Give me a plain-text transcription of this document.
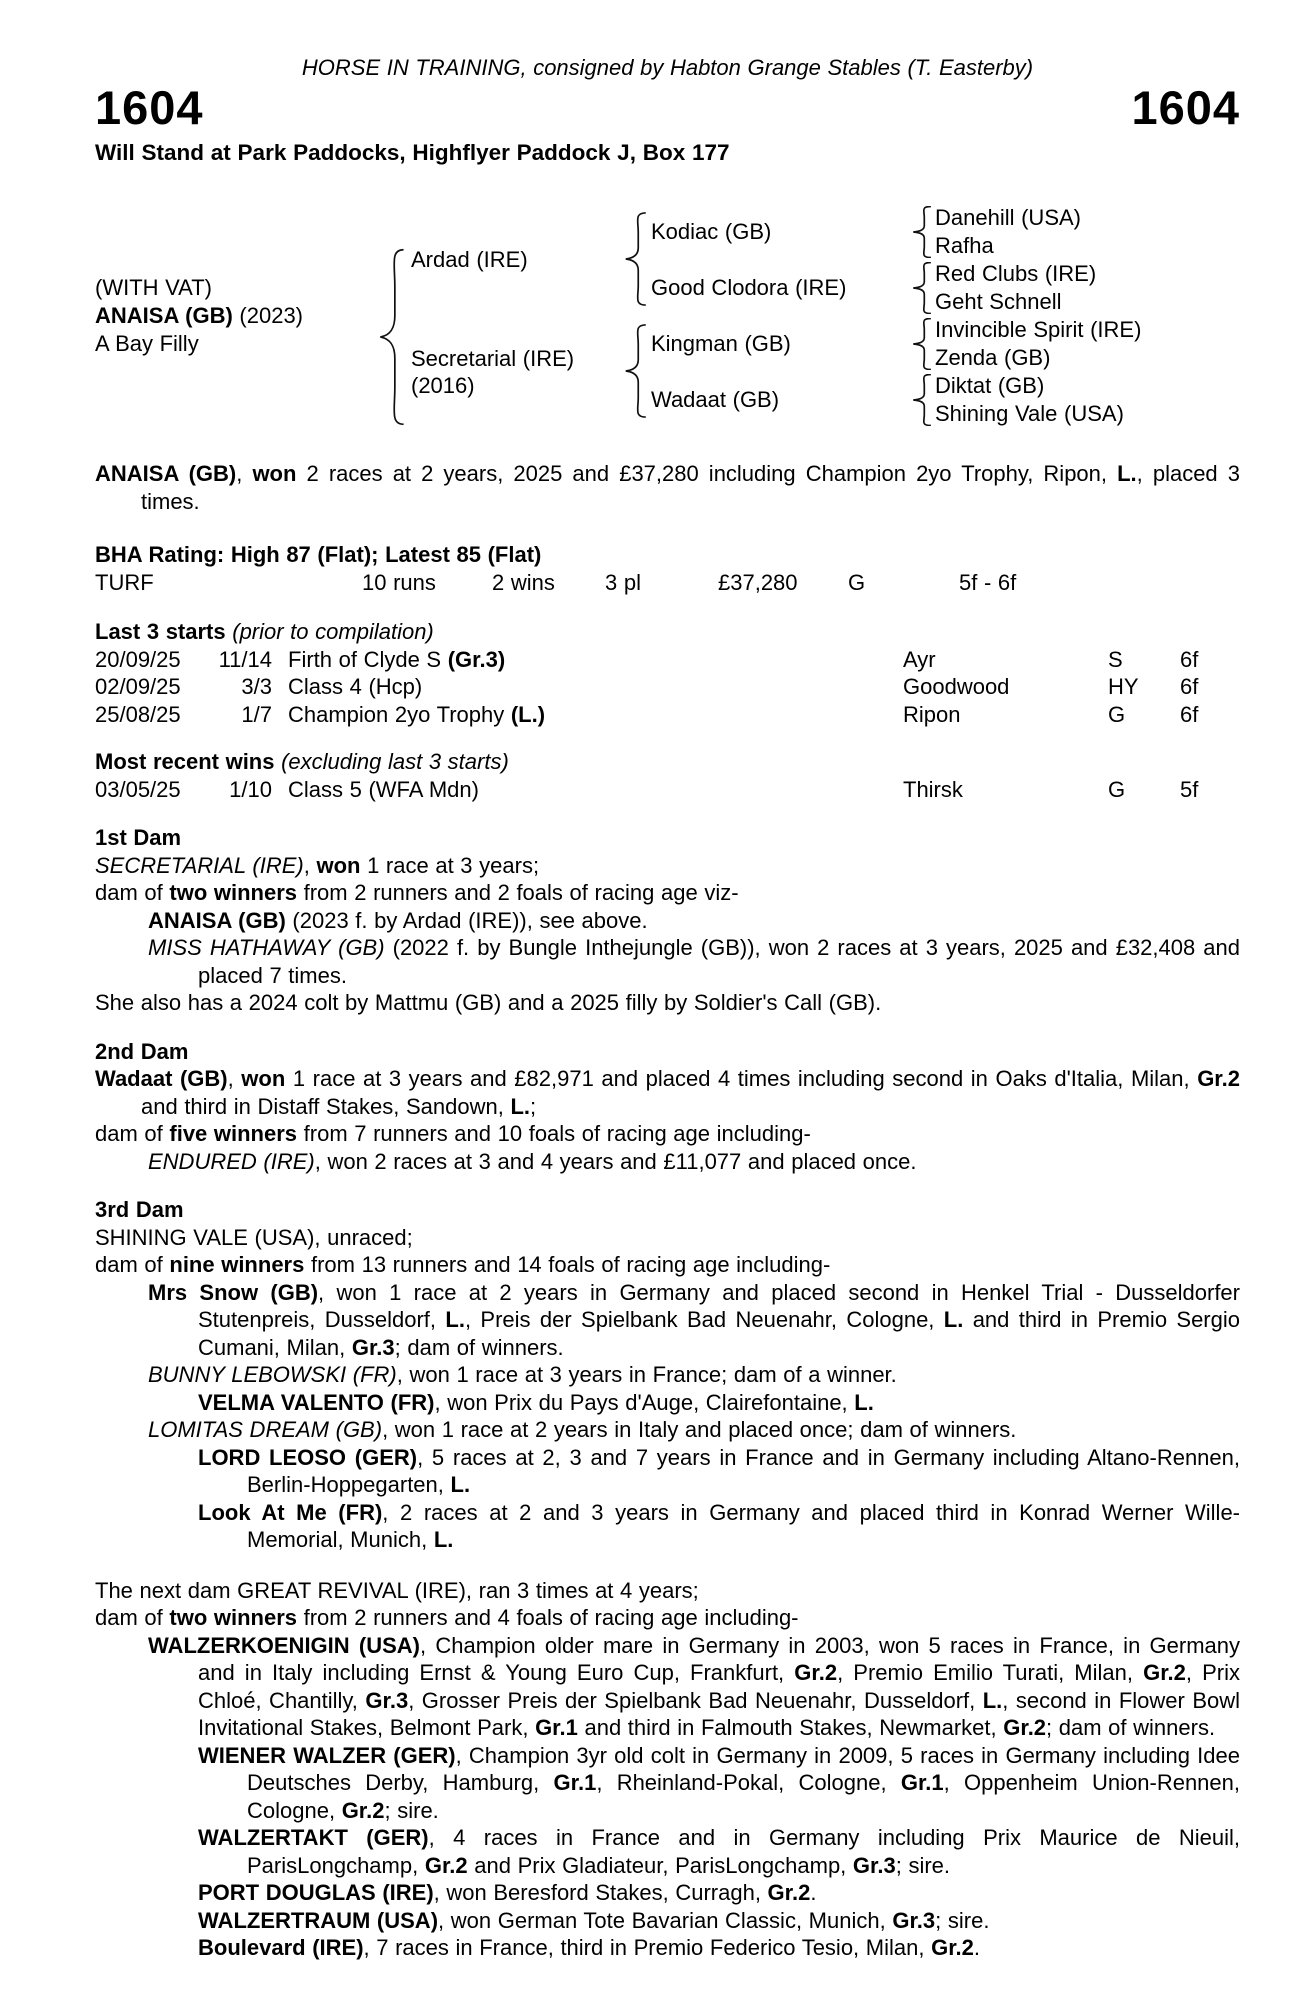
HORSE IN TRAINING, consigned by Habton Grange Stables (T. Easterby)
1604	1604
Will Stand at Park Paddocks, Highflyer Paddock J, Box 177
(WITH VAT)
ANAISA (GB) (2023)
A Bay Filly
Ardad (IRE)
Secretarial (IRE)
(2016)
Kodiac (GB)
Good Clodora (IRE)
Kingman (GB)
Wadaat (GB)
Danehill (USA)
Rafha
Red Clubs (IRE)
Geht Schnell
Invincible Spirit (IRE)
Zenda (GB)
Diktat (GB)
Shining Vale (USA)

ANAISA (GB), won 2 races at 2 years, 2025 and £37,280 including Champion 2yo Trophy, Ripon, L., placed 3 times.

BHA Rating: High 87 (Flat); Latest 85 (Flat)
TURF	10 runs	2 wins	3 pl	£37,280	G	5f - 6f
Last 3 starts (prior to compilation)
20/09/25	11/14 Firth of Clyde S (Gr.3)	Ayr	S	6f
02/09/25	3/3 Class 4 (Hcp)	Goodwood	HY	6f
25/08/25	1/7 Champion 2yo Trophy (L.)	Ripon	G	6f
Most recent wins (excluding last 3 starts)
03/05/25	1/10 Class 5 (WFA Mdn)	Thirsk	G	5f
1st Dam

SECRETARIAL (IRE), won 1 race at 3 years;

dam of two winners from 2 runners and 2 foals of racing age viz-

ANAISA (GB) (2023 f. by Ardad (IRE)), see above.

MISS HATHAWAY (GB) (2022 f. by Bungle Inthejungle (GB)), won 2 races at 3 years, 2025 and £32,408 and placed 7 times.

She also has a 2024 colt by Mattmu (GB) and a 2025 filly by Soldier's Call (GB).

2nd Dam

Wadaat (GB), won 1 race at 3 years and £82,971 and placed 4 times including second in Oaks d'Italia, Milan, Gr.2 and third in Distaff Stakes, Sandown, L.;

dam of five winners from 7 runners and 10 foals of racing age including-

ENDURED (IRE), won 2 races at 3 and 4 years and £11,077 and placed once.

3rd Dam

SHINING VALE (USA), unraced;

dam of nine winners from 13 runners and 14 foals of racing age including-

Mrs Snow (GB), won 1 race at 2 years in Germany and placed second in Henkel Trial - Dusseldorfer Stutenpreis, Dusseldorf, L., Preis der Spielbank Bad Neuenahr, Cologne, L. and third in Premio Sergio Cumani, Milan, Gr.3; dam of winners.

BUNNY LEBOWSKI (FR), won 1 race at 3 years in France; dam of a winner.

VELMA VALENTO (FR), won Prix du Pays d'Auge, Clairefontaine, L.

LOMITAS DREAM (GB), won 1 race at 2 years in Italy and placed once; dam of winners.

LORD LEOSO (GER), 5 races at 2, 3 and 7 years in France and in Germany including Altano-Rennen, Berlin-Hoppegarten, L.

Look At Me (FR), 2 races at 2 and 3 years in Germany and placed third in Konrad Werner Wille-Memorial, Munich, L.

The next dam GREAT REVIVAL (IRE), ran 3 times at 4 years;

dam of two winners from 2 runners and 4 foals of racing age including-

WALZERKOENIGIN (USA), Champion older mare in Germany in 2003, won 5 races in France, in Germany and in Italy including Ernst & Young Euro Cup, Frankfurt, Gr.2, Premio Emilio Turati, Milan, Gr.2, Prix Chloé, Chantilly, Gr.3, Grosser Preis der Spielbank Bad Neuenahr, Dusseldorf, L., second in Flower Bowl Invitational Stakes, Belmont Park, Gr.1 and third in Falmouth Stakes, Newmarket, Gr.2; dam of winners.

WIENER WALZER (GER), Champion 3yr old colt in Germany in 2009, 5 races in Germany including Idee Deutsches Derby, Hamburg, Gr.1, Rheinland-Pokal, Cologne, Gr.1, Oppenheim Union-Rennen, Cologne, Gr.2; sire.

WALZERTAKT (GER), 4 races in France and in Germany including Prix Maurice de Nieuil, ParisLongchamp, Gr.2 and Prix Gladiateur, ParisLongchamp, Gr.3; sire.

PORT DOUGLAS (IRE), won Beresford Stakes, Curragh, Gr.2.

WALZERTRAUM (USA), won German Tote Bavarian Classic, Munich, Gr.3; sire.

Boulevard (IRE), 7 races in France, third in Premio Federico Tesio, Milan, Gr.2.
